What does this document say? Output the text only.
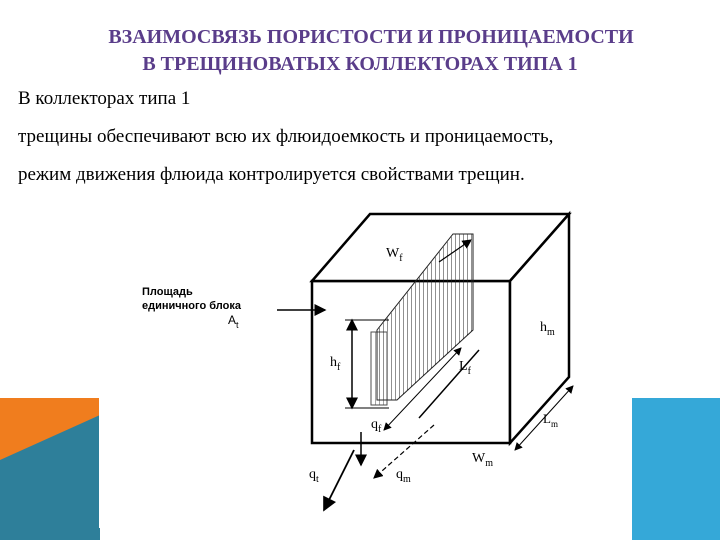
ВЗАИМОСВЯЗЬ ПОРИСТОСТИ И ПРОНИЦАЕМОСТИ
В ТРЕЩИНОВАТЫХ КОЛЛЕКТОРАХ ТИПА 1
В коллекторах типа 1
трещины обеспечивают всю их флюидоемкость и проницаемость,
режим движения флюида контролируется свойствами трещин.
Площадь
единичного блока
$A_t$
$W_f$
$h_m$
$h_f$	$L_f$
$L_m$
$q_f$
$W_m$
$q_t$	$q_m$
